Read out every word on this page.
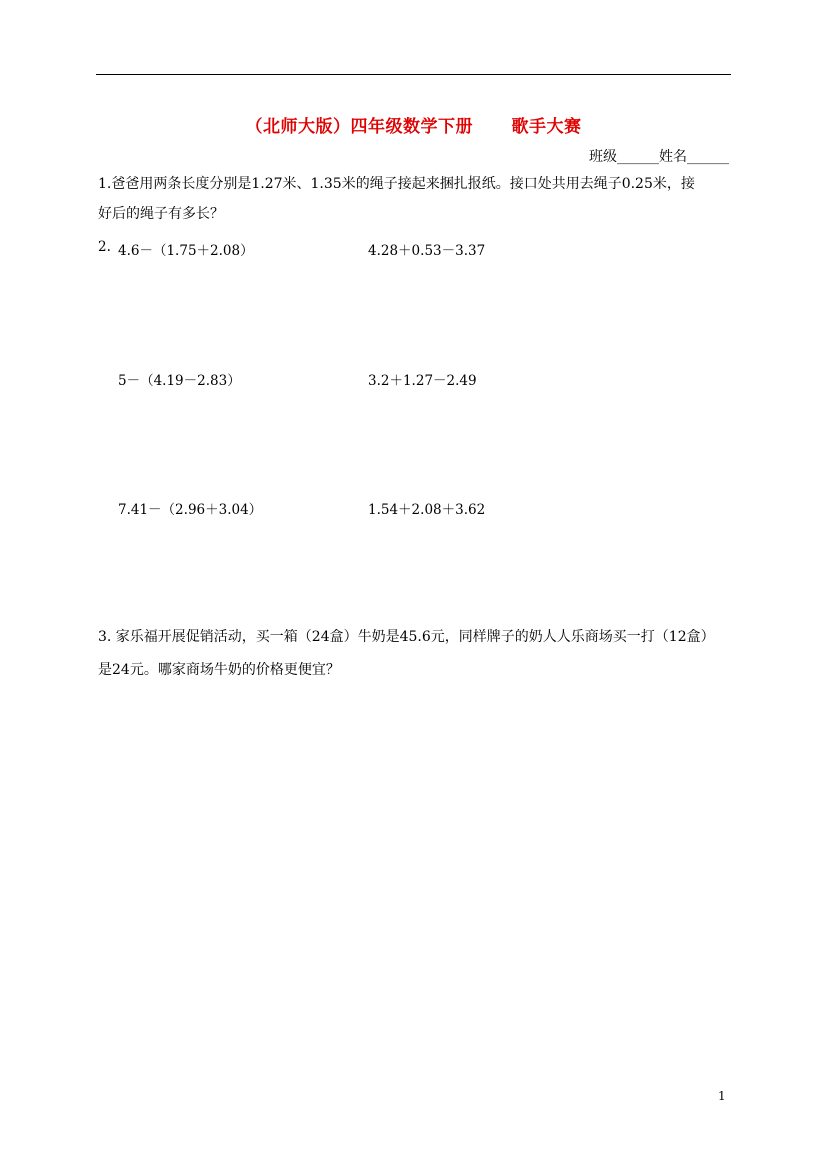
（北师大版）四年级数学下册      歌手大赛
班级______姓名______
1.爸爸用两条长度分别是1.27米、1.35米的绳子接起来捆扎报纸。接口处共用去绳子0.25米，接
好后的绳子有多长？
2. 4.6－（1.75＋2.08）	4.28＋0.53－3.37
5－（4.19－2.83）	3.2＋1.27－2.49
7.41－（2.96＋3.04）	1.54＋2.08＋3.62
3. 家乐福开展促销活动，买一箱（24盒）牛奶是45.6元，同样牌子的奶人人乐商场买一打（12盒）
是24元。哪家商场牛奶的价格更便宜？
1
